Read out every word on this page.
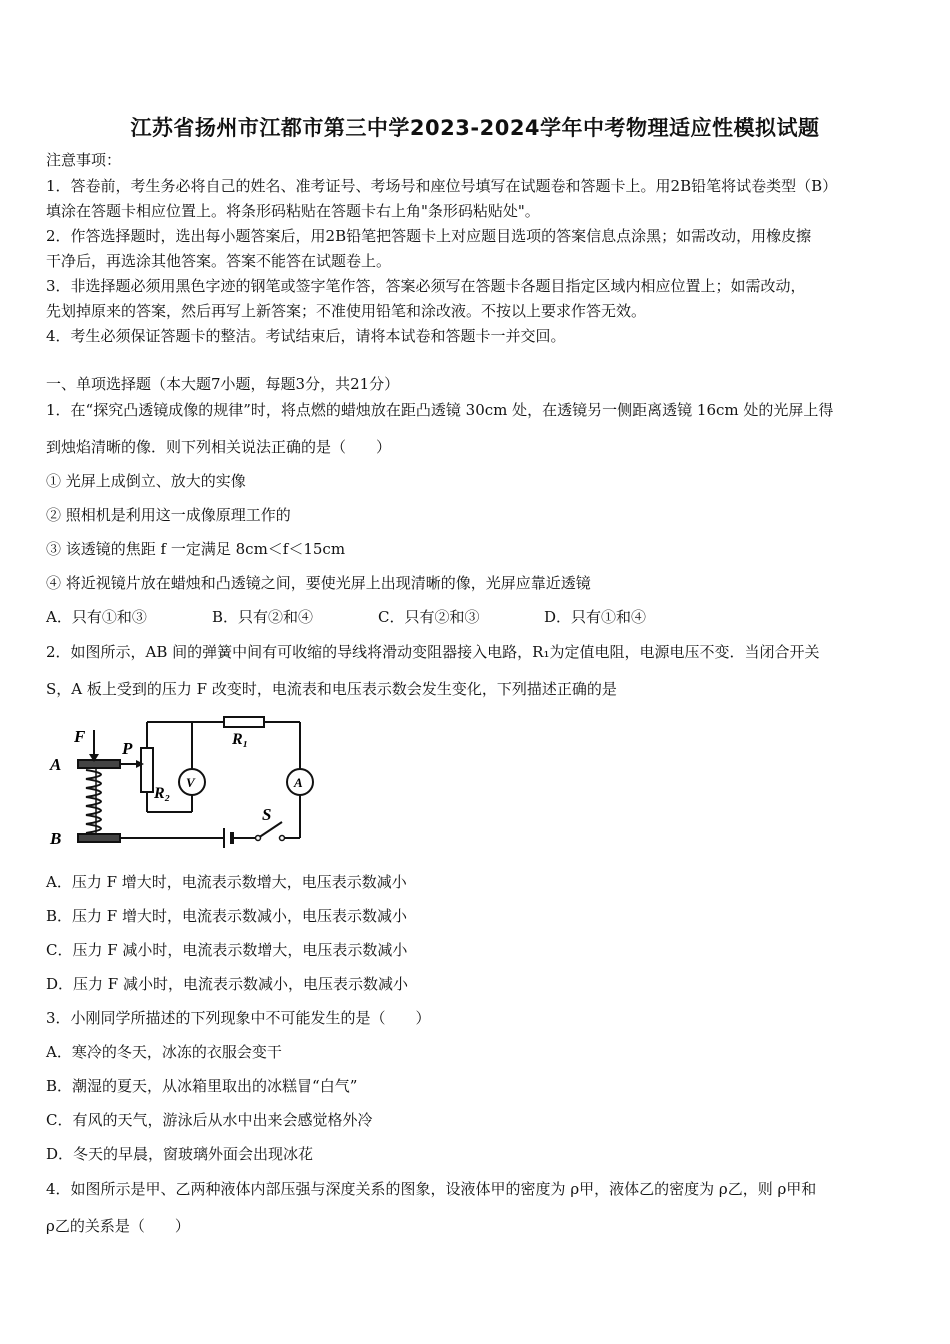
江苏省扬州市江都市第三中学2023-2024学年中考物理适应性模拟试题
注意事项：
1．答卷前，考生务必将自己的姓名、准考证号、考场号和座位号填写在试题卷和答题卡上。用2B铅笔将试卷类型（B）
填涂在答题卡相应位置上。将条形码粘贴在答题卡右上角"条形码粘贴处"。
2．作答选择题时，选出每小题答案后，用2B铅笔把答题卡上对应题目选项的答案信息点涂黑；如需改动，用橡皮擦
干净后，再选涂其他答案。答案不能答在试题卷上。
3．非选择题必须用黑色字迹的钢笔或签字笔作答，答案必须写在答题卡各题目指定区域内相应位置上；如需改动，
先划掉原来的答案，然后再写上新答案；不准使用铅笔和涂改液。不按以上要求作答无效。
4．考生必须保证答题卡的整洁。考试结束后，请将本试卷和答题卡一并交回。
一、单项选择题（本大题7小题，每题3分，共21分）
1．在“探究凸透镜成像的规律”时，将点燃的蜡烛放在距凸透镜 30cm 处，在透镜另一侧距离透镜 16cm 处的光屏上得
到烛焰清晰的像．则下列相关说法正确的是（　　）
① 光屏上成倒立、放大的实像
② 照相机是利用这一成像原理工作的
③ 该透镜的焦距 f 一定满足 8cm＜f＜15cm
④ 将近视镜片放在蜡烛和凸透镜之间，要使光屏上出现清晰的像，光屏应靠近透镜
A．只有①和③	B．只有②和④	C．只有②和③	D．只有①和④
2．如图所示，AB 间的弹簧中间有可收缩的导线将滑动变阻器接入电路，R₁为定值电阻，电源电压不变．当闭合开关
S，A 板上受到的压力 F 改变时，电流表和电压表示数会发生变化，下列描述正确的是
F
A
B
P	R₁
R₂
S
V	A
A．压力 F 增大时，电流表示数增大，电压表示数减小
B．压力 F 增大时，电流表示数减小，电压表示数减小
C．压力 F 减小时，电流表示数增大，电压表示数减小
D．压力 F 减小时，电流表示数减小，电压表示数减小
3．小刚同学所描述的下列现象中不可能发生的是（　　）
A．寒冷的冬天，冰冻的衣服会变干
B．潮湿的夏天，从冰箱里取出的冰糕冒“白气”
C．有风的天气，游泳后从水中出来会感觉格外冷
D．冬天的早晨，窗玻璃外面会出现冰花
4．如图所示是甲、乙两种液体内部压强与深度关系的图象，设液体甲的密度为 ρ甲，液体乙的密度为 ρ乙，则 ρ甲和
ρ乙的关系是（　　）
